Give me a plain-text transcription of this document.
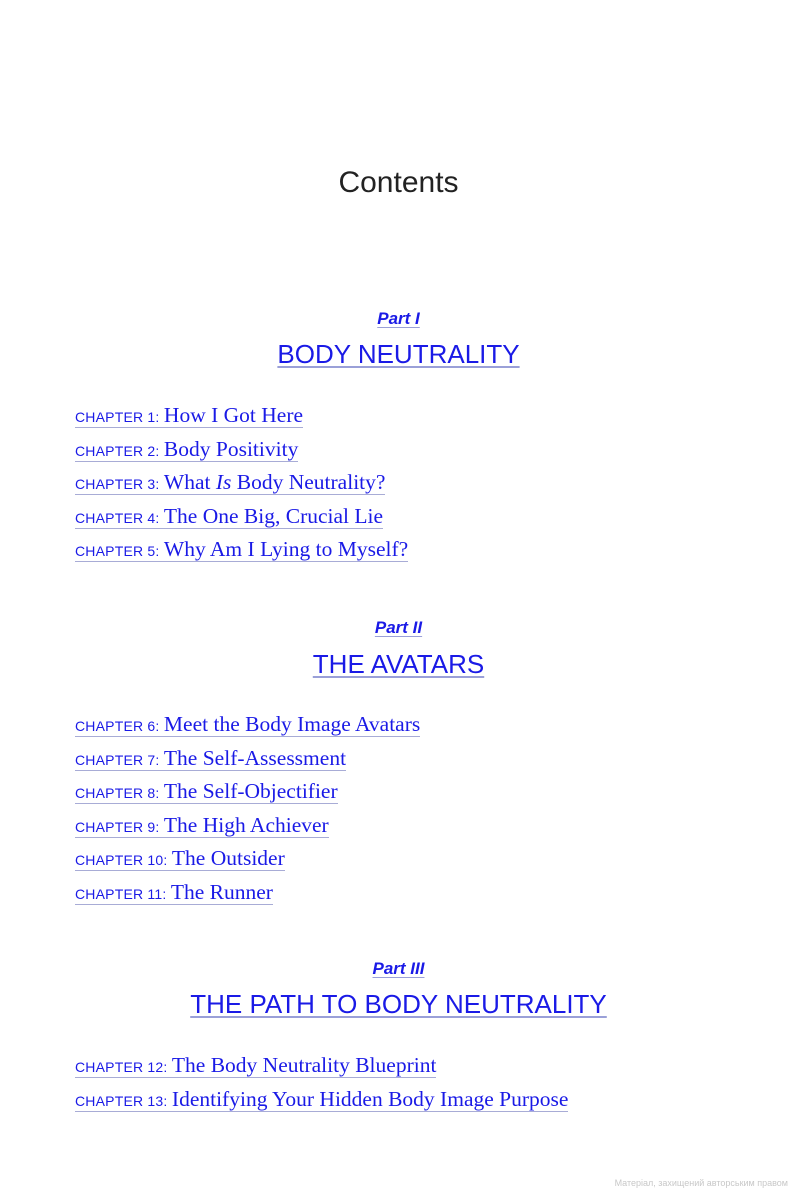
Contents
Part I
BODY NEUTRALITY
CHAPTER 1: How I Got Here
CHAPTER 2: Body Positivity
CHAPTER 3: What Is Body Neutrality?
CHAPTER 4: The One Big, Crucial Lie
CHAPTER 5: Why Am I Lying to Myself?
Part II
THE AVATARS
CHAPTER 6: Meet the Body Image Avatars
CHAPTER 7: The Self-Assessment
CHAPTER 8: The Self-Objectifier
CHAPTER 9: The High Achiever
CHAPTER 10: The Outsider
CHAPTER 11: The Runner
Part III
THE PATH TO BODY NEUTRALITY
CHAPTER 12: The Body Neutrality Blueprint
CHAPTER 13: Identifying Your Hidden Body Image Purpose
Матеріал, захищений авторським правом
